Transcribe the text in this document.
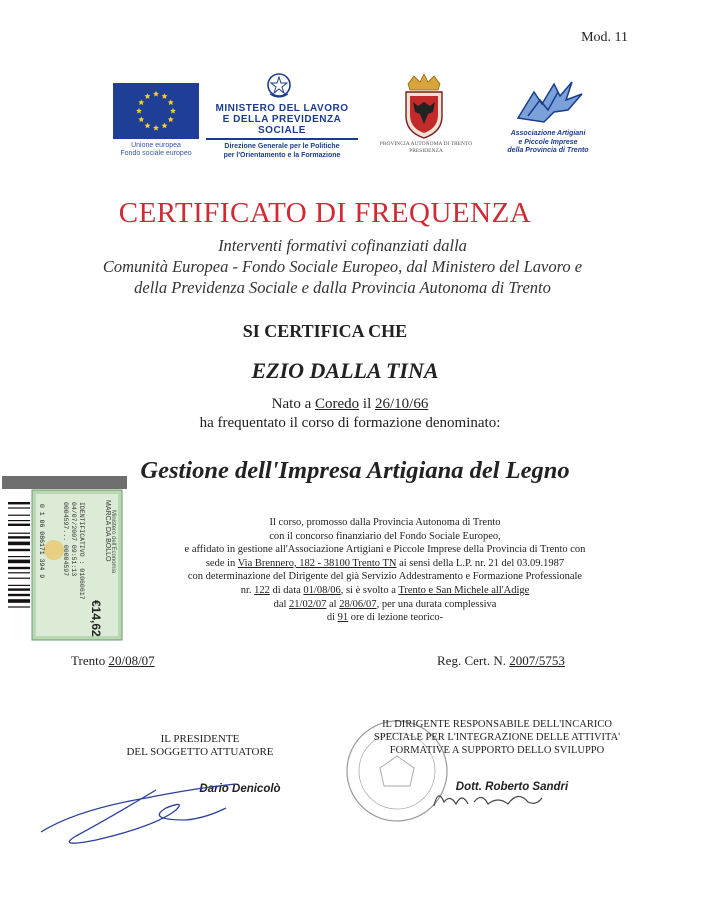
Mod. 11
Unione europea
Fondo sociale europeo
MINISTERO DEL LAVORO
E DELLA PREVIDENZA SOCIALE
Direzione Generale per le Politiche
per l'Orientamento e la Formazione
PROVINCIA AUTONOMA DI TRENTO
PRESIDENZA
Associazione Artigiani
e Piccole Imprese
della Provincia di Trento
CERTIFICATO DI FREQUENZA
Interventi formativi cofinanziati dalla
Comunità Europea - Fondo Sociale Europeo, dal Ministero del Lavoro e
della Previdenza Sociale e dalla Provincia Autonoma di Trento
SI CERTIFICA CHE
EZIO DALLA TINA
Nato a Coredo il 26/10/66
ha frequentato il corso di formazione denominato:
Gestione dell'Impresa Artigiana del Legno
0004597... 00004597 04/07/2007 09:51:13 IDENTIFICATIVO : 01060617	MARCA DA BOLLO
€14,62
Ministero dell'Economia
0 1 06 086171 394 9	Il corso, promosso dalla Provincia Autonoma di Trento
con il concorso finanziario del Fondo Sociale Europeo,
e affidato in gestione all'Associazione Artigiani e Piccole Imprese della Provincia di Trento con
sede in Via Brennero, 182 - 38100 Trento TN ai sensi della L.P. nr. 21 del 03.09.1987
con determinazione del Dirigente del già Servizio Addestramento e Formazione Professionale
nr. 122 di data 01/08/06, si è svolto a Trento e San Michele all'Adige
dal 21/02/07 al 28/06/07, per una durata complessiva
di 91 ore di lezione teorico-
Trento 20/08/07	Reg. Cert. N. 2007/5753
IL PRESIDENTE
DEL SOGGETTO ATTUATORE
Dario Denicolò
IL DIRIGENTE RESPONSABILE DELL'INCARICO
SPECIALE PER L'INTEGRAZIONE DELLE ATTIVITA'
FORMATIVE A SUPPORTO DELLO SVILUPPO
Dott. Roberto Sandri
